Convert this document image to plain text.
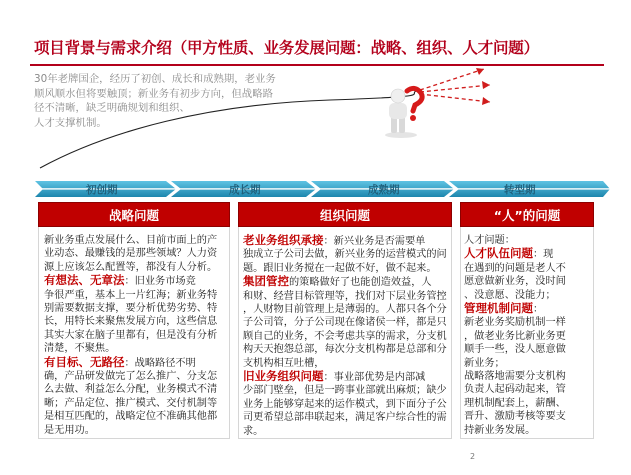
项目背景与需求介绍（甲方性质、业务发展问题：战略、组织、人才问题）
30年老牌国企，经历了初创、成长和成熟期，老业务
顺风顺水但将要触顶；新业务有初步方向，但战略路
径不清晰，缺乏明确规划和组织、
人才支撑机制。
初创期	成长期	成熟期	转型期
战略问题

新业务重点发展什么、目前市面上的产

业动态、最赚钱的是那些领域？人力资

源上应该怎么配置等，都没有人分析。

有想法、无章法：旧业务市场竞

争很严重，基本上一片红海；新业务特

别需要数据支撑，要分析优势劣势、特

长，用特长来聚焦发展方向，这些信息

其实大家在脑子里都有，但是没有分析

清楚，不聚焦。

有目标、无路径：战略路径不明

确，产品研发做完了怎么推广、分支怎

么去做、利益怎么分配，业务模式不清

晰；产品定位、推广模式、交付机制等

是相互匹配的，战略定位不准确其他都

是无用功。

组织问题

老业务组织承接：新兴业务是否需要单

独成立子公司去做，新兴业务的运营模式的问

题。跟旧业务搅在一起做不好，做不起来。

集团管控的策略做好了也能创造效益，人

和财、经营目标管理等，找们对下层业务管控

，人财物目前管理上是薄弱的。人都只各个分

子公司管，分子公司现在像诸侯一样，都是只

顾自己的业务，不会考虑共享的需求，分支机

构天天抱怨总部，每次分支机构都是总部和分

支机构相互吐槽，

旧业务组织问题：事业部优势是内部减

少部门壁垒，但是一跨事业部就出麻烦；缺少

业务上能够穿起来的运作模式，到下面分子公

司更希望总部串联起来，满足客户综合性的需

求。

“人”的问题

人才问题：

人才队伍问题：现

在遇到的问题是老人不

愿意做新业务，没时间

、没意愿、没能力；

管理机制问题：

新老业务奖励机制一样

，做老业务比新业务更

顺手一些，没人愿意做

新业务；

战略落地需要分支机构

负责人起码动起来，管

理机制配套上，薪酬、

晋升、激励考核等要支

持新业务发展。

2
